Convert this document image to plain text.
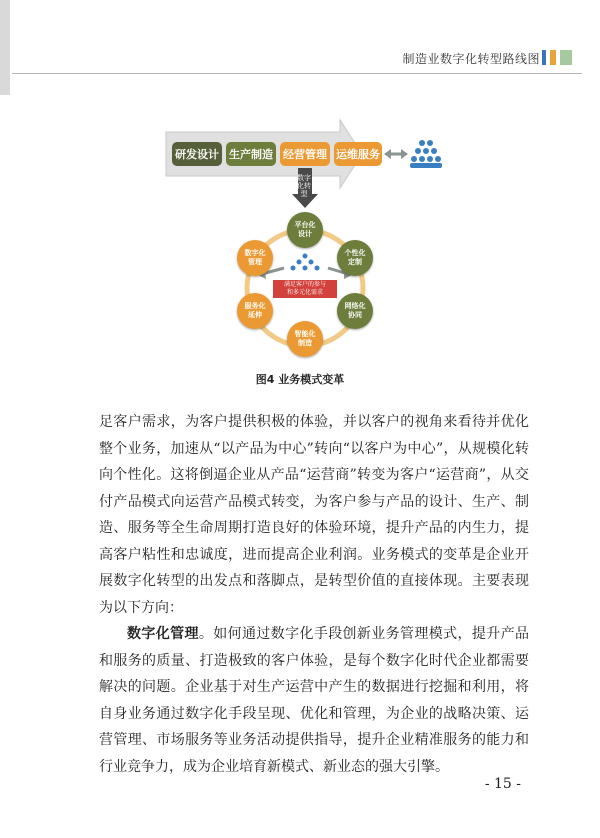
制造业数字化转型路线图
研发设计 生产制造 经营管理 运维服务
数字化转型
平台化
设计
个性化
定制
网络化
协同
智能化
制造
服务化
延伸
数字化
管理
满足客户的参与
和多元化需求
图4 业务模式变革

足客户需求，为客户提供积极的体验，并以客户的视角来看待并优化整个业务，加速从“以产品为中心”转向“以客户为中心”，从规模化转向个性化。这将倒逼企业从产品“运营商”转变为客户“运营商”，从交付产品模式向运营产品模式转变，为客户参与产品的设计、生产、制造、服务等全生命周期打造良好的体验环境，提升产品的内生力，提高客户粘性和忠诚度，进而提高企业利润。业务模式的变革是企业开展数字化转型的出发点和落脚点，是转型价值的直接体现。主要表现为以下方向：

数字化管理。如何通过数字化手段创新业务管理模式，提升产品和服务的质量、打造极致的客户体验，是每个数字化时代企业都需要解决的问题。企业基于对生产运营中产生的数据进行挖掘和利用，将自身业务通过数字化手段呈现、优化和管理，为企业的战略决策、运营管理、市场服务等业务活动提供指导，提升企业精准服务的能力和行业竞争力，成为企业培育新模式、新业态的强大引擎。

- 15 -
